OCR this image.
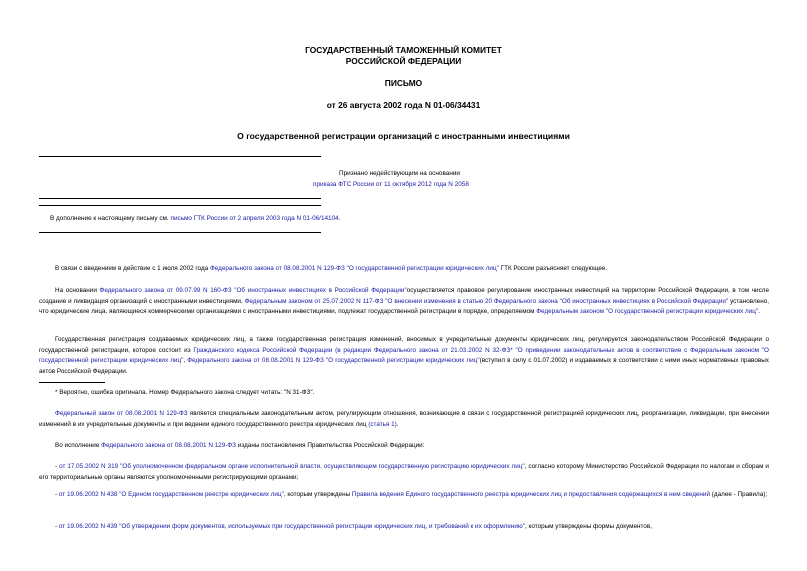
ГОСУДАРСТВЕННЫЙ ТАМОЖЕННЫЙ КОМИТЕТ
РОССИЙСКОЙ ФЕДЕРАЦИИ
ПИСЬМО
от 26 августа 2002 года N 01-06/34431
О государственной регистрации организаций с иностранными инвестициями
Признано недействующим на основании
приказа ФТС России от 11 октября 2012 года N 2058
В дополнение к настоящему письму см. письмо ГТК России от 2 апреля 2003 года N 01-06/14104.
В связи с введением в действие с 1 июля 2002 года Федерального закона от 08.08.2001 N 129-ФЗ "О государственной регистрации юридических лиц" ГТК России разъясняет следующее.
На основании Федерального закона от 09.07.99 N 160-ФЗ "Об иностранных инвестициях в Российской Федерации"осуществляется правовое регулирование иностранных инвестиций на территории Российской Федерации, в том числе создание и ликвидация организаций с иностранными инвестициями. Федеральным законом от 25.07.2002 N 117-ФЗ "О внесении изменения в статью 20 Федерального закона "Об иностранных инвестициях в Российской Федерации" установлено, что юридические лица, являющиеся коммерческими организациями с иностранными инвестициями, подлежат государственной регистрации в порядке, определяемом Федеральным законом "О государственной регистрации юридических лиц".
Государственная регистрация создаваемых юридических лиц, а также государственная регистрация изменений, вносимых в учредительные документы юридических лиц, регулируется законодательством Российской Федерации о государственной регистрации, которое состоит из Гражданского кодекса Российской Федерации (в редакции Федерального закона от 21.03.2002 N 32-ФЗ* "О приведении законодательных актов в соответствие с Федеральным законом "О государственной регистрации юридических лиц", Федерального закона от 08.08.2001 N 129-ФЗ "О государственной регистрации юридических лиц"(вступил в силу с 01.07.2002) и издаваемых в соответствии с ними иных нормативных правовых актов Российской Федерации.
* Вероятно, ошибка оригинала. Номер Федерального закона следует читать: "N 31-ФЗ".
Федеральный закон от 08.08.2001 N 129-ФЗ является специальным законодательным актом, регулирующим отношения, возникающие в связи с государственной регистрацией юридических лиц, реорганизации, ликвидации, при внесении изменений в их учредительные документы и при ведении единого государственного реестра юридических лиц (статья 1).
Во исполнение Федерального закона от 08.08.2001 N 129-ФЗ изданы постановления Правительства Российской Федерации:
- от 17.05.2002 N 319 "Об уполномоченном федеральном органе исполнительной власти, осуществляющем государственную регистрацию юридических лиц", согласно которому Министерство Российской Федерации по налогам и сборам и его территориальные органы являются уполномоченными регистрирующими органами;
- от 19.06.2002 N 438 "О Едином государственном реестре юридических лиц", которым утверждены Правила ведения Единого государственного реестра юридических лиц и предоставления содержащихся в нем сведений (далее - Правила);
- от 19.06.2002 N 439 "Об утверждении форм документов, используемых при государственной регистрации юридических лиц, и требований к их оформлению", которым утверждены формы документов,
